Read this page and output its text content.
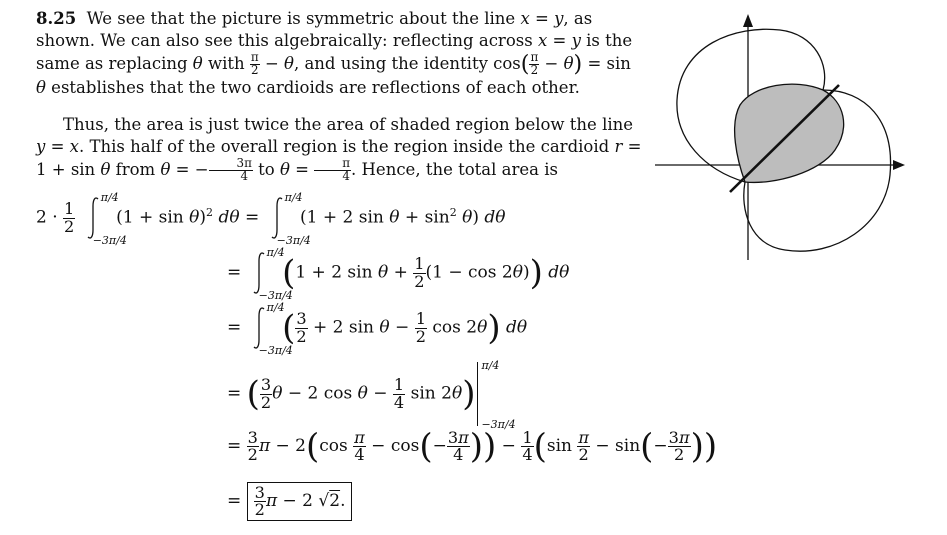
8.25  We see that the picture is symmetric about the line x = y, as shown. We can also see this algebraically: reflecting across x = y is the same as replacing θ with $\frac{\pi}{2} - \theta$, and using the identity $\cos( \frac{\pi}{2} - \theta) = \sin \theta$ establishes that the two cardioids are reflections of each other.

Thus, the area is just twice the area of shaded region below the line y = x. This half of the overall region is the region inside the cardioid r = 1 + sin θ from θ = − $\frac{3\pi}{4}$ to $\theta = \frac{\pi}{4}$ . Hence, the total area is

$2 \cdot \frac{1}{2}$

π/4
−3π/4
$(1 + \sin \theta)^2$ dθ =
π/4
−3π/4
(1 + 2 $\sin \theta + \sin^2 \theta$) dθ
=
π/4
−3π/4
(1 + 2 $\sin \theta + \frac{1}{2} (1 - \cos 2\theta)$) dθ
=
π/4
−3π/4
( $\frac{3}{2} + 2$ $\sin \theta - \frac{1}{2}$ cos 2θ) dθ
= ( $\frac{3}{2}$ θ − 2 $\cos \theta - \frac{1}{4}$ sin 2θ)
π/4
−3π/4
= $\frac{3}{2}$ $\pi - 2(\cos \frac{\pi}{4} - \cos(- \frac{3\pi}{4}$ )) − $\frac{1}{4} (\sin \frac{\pi}{2} - \sin(- \frac{3\pi}{2}$ ))
= $\frac{3}{2}$ π − 2 √2.
